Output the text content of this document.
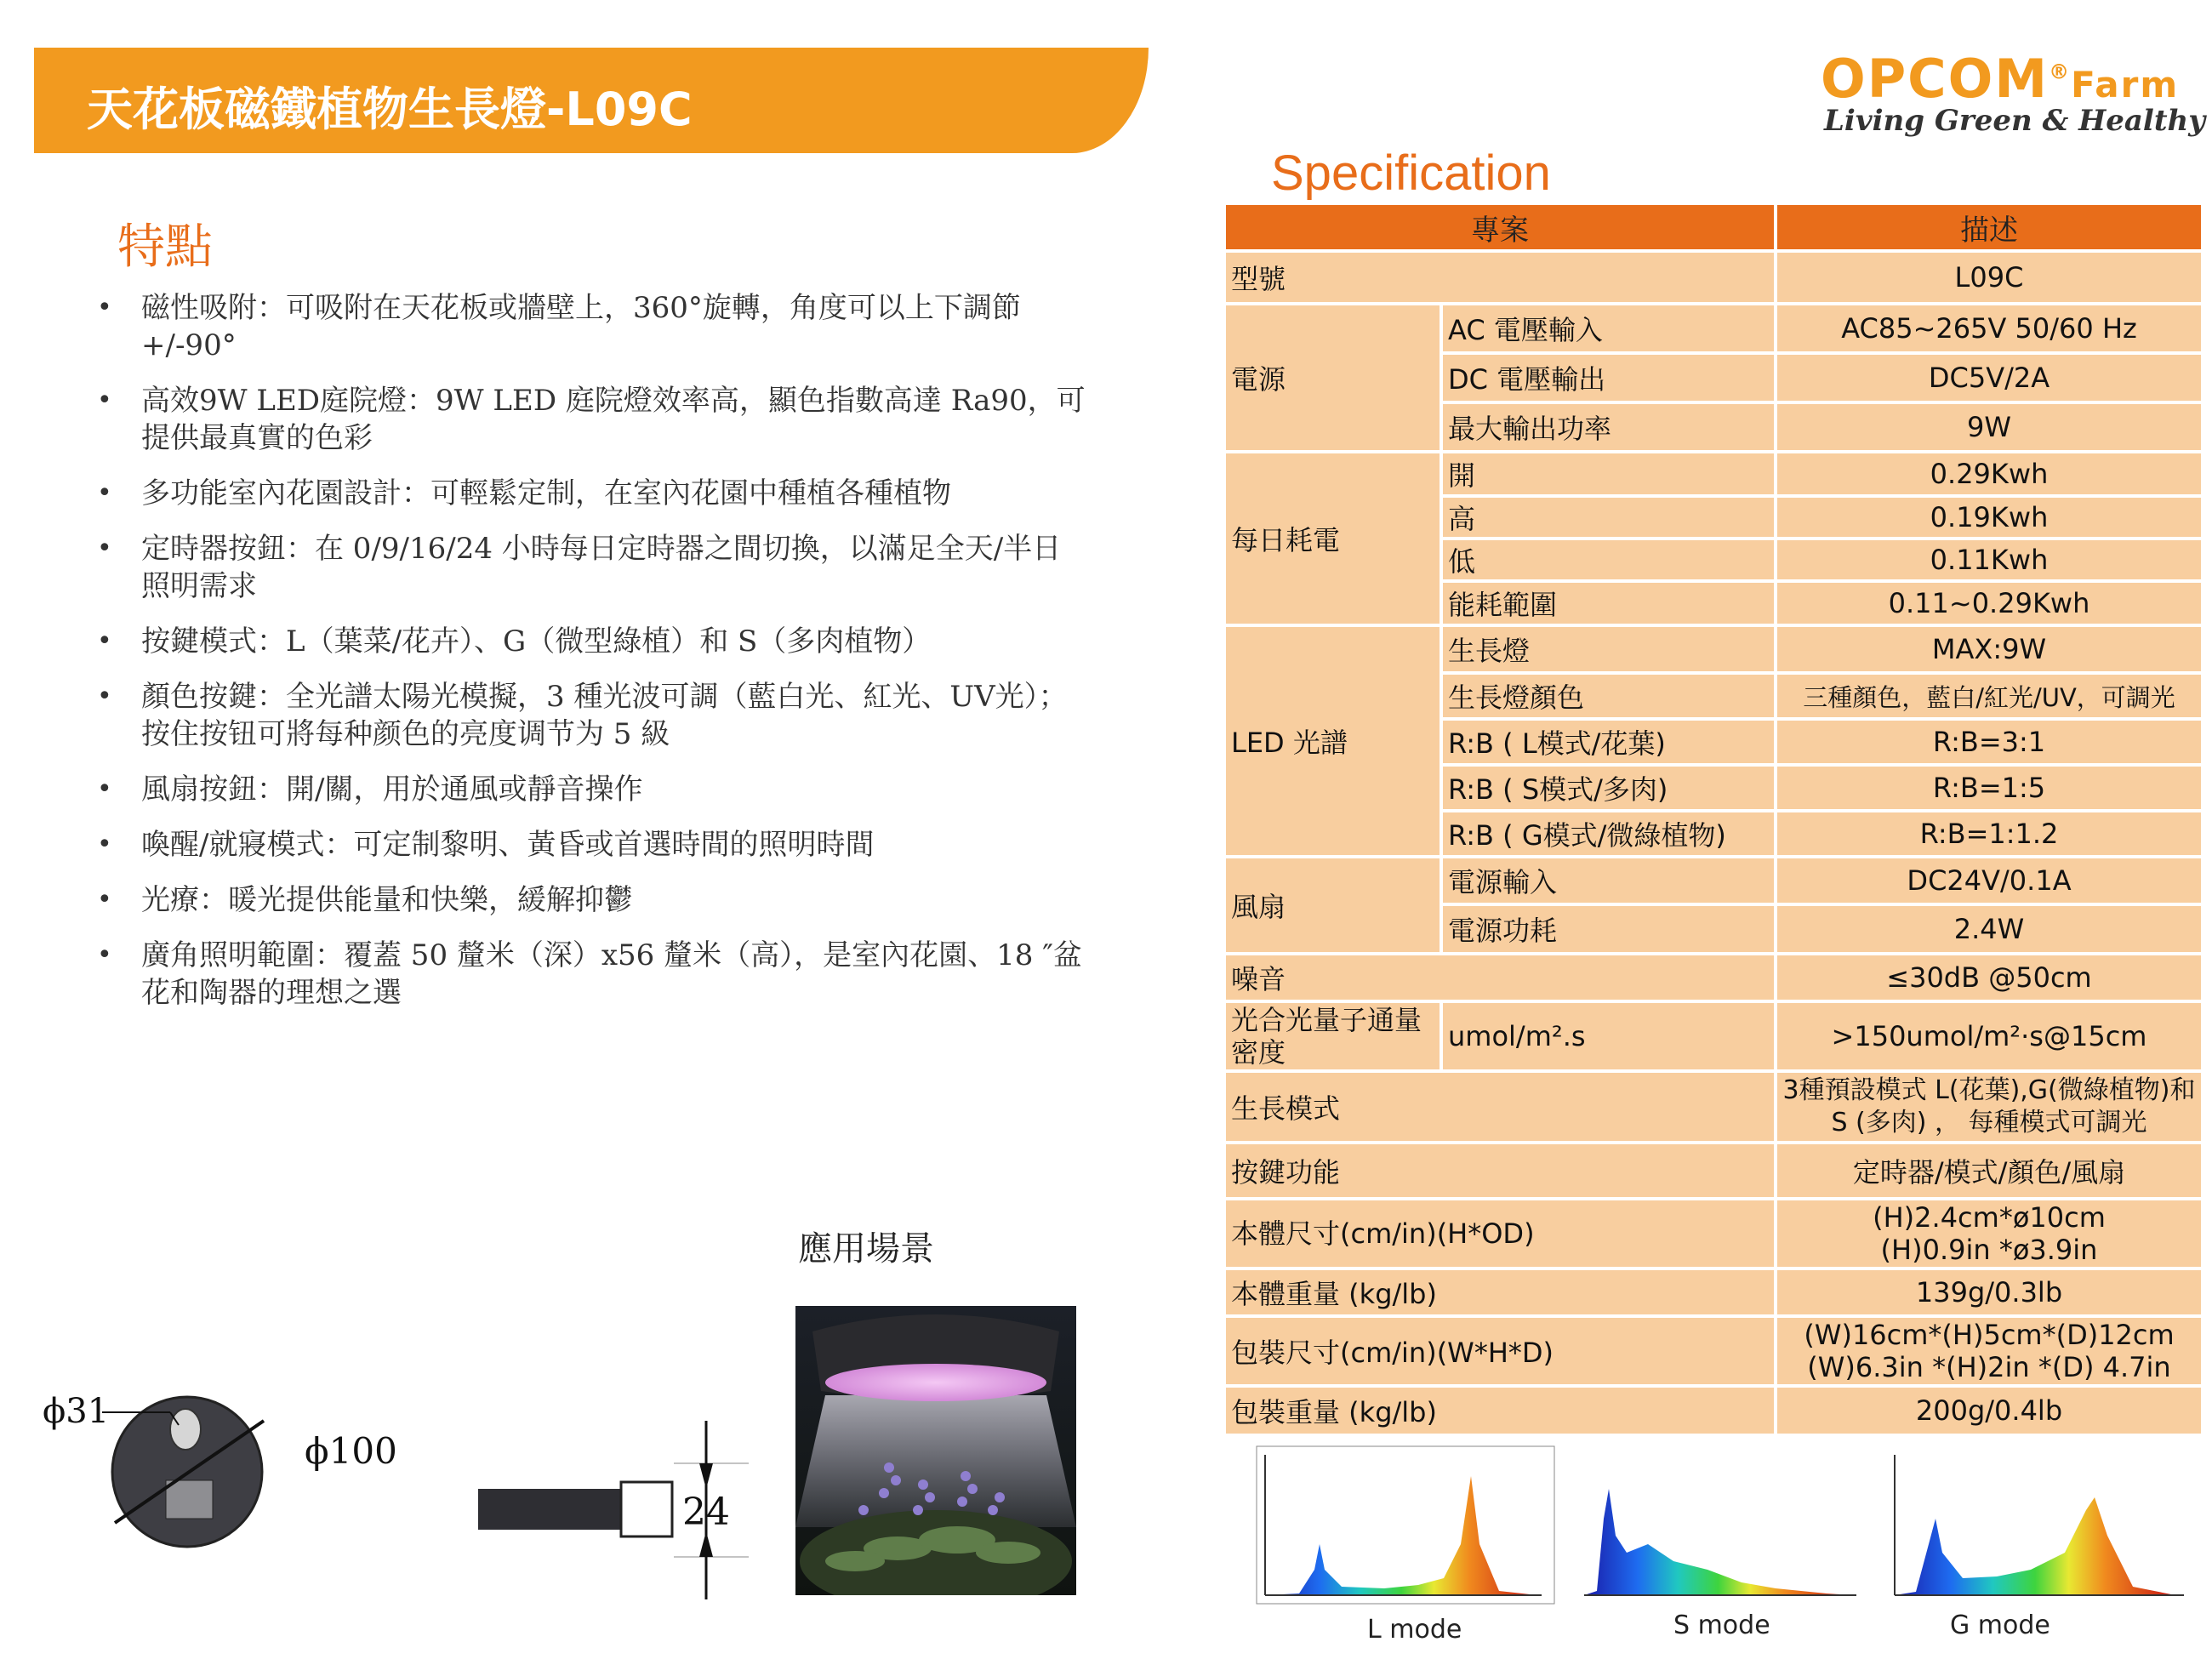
天花板磁鐵植物生長燈-L09C	OPCOM®Farm
Living Green & Healthy
特點
• 磁性吸附：可吸附在天花板或牆壁上，360°旋轉，角度可以上下調節+/-90°
• 高效9W LED庭院燈：9W LED 庭院燈效率高，顯色指數高達 Ra90，可提供最真實的色彩
• 多功能室內花園設計：可輕鬆定制，在室內花園中種植各種植物
• 定時器按鈕：在 0/9/16/24 小時每日定時器之間切換，以滿足全天/半日照明需求
• 按鍵模式：L（葉菜/花卉）、G（微型綠植）和 S（多肉植物）
• 顏色按鍵：全光譜太陽光模擬，3 種光波可調（藍白光、紅光、UV光）；按住按钮可將每种颜色的亮度调节为 5 級
• 風扇按鈕：開/關，用於通風或靜音操作
• 喚醒/就寢模式：可定制黎明、黃昏或首選時間的照明時間
• 光療：暖光提供能量和快樂，緩解抑鬱
• 廣角照明範圍：覆蓋 50 釐米（深）x56 釐米（高），是室內花園、18 ″盆花和陶器的理想之選
應用場景
ϕ31
ϕ100
24
Specification
專案		描述
型號		L09C
電源	AC 電壓輸入	AC85~265V 50/60 Hz
	DC 電壓輸出	DC5V/2A
	最大輸出功率	9W
每日耗電	開	0.29Kwh
	高	0.19Kwh
	低	0.11Kwh
	能耗範圍	0.11~0.29Kwh
LED 光譜	生長燈	MAX:9W
	生長燈顏色	三種顏色，藍白/紅光/UV，可調光
	R:B ( L模式/花葉)	R:B=3:1
	R:B ( S模式/多肉)	R:B=1:5
	R:B ( G模式/微綠植物)	R:B=1:1.2
風扇	電源輸入	DC24V/0.1A
	電源功耗	2.4W
噪音		≤30dB @50cm
光合光量子通量密度	umol/m².s	>150umol/m²·s@15cm
生長模式		3種預設模式 L(花葉),G(微綠植物)和 S (多肉) ， 每種模式可調光
按鍵功能		定時器/模式/顏色/風扇
本體尺寸(cm/in)(H*OD)		(H)2.4cm*ø10cm
(H)0.9in *ø3.9in

本體重量 (kg/lb)		139g/0.3lb
包裝尺寸(cm/in)(W*H*D)		(W)16cm*(H)5cm*(D)12cm
(W)6.3in *(H)2in *(D) 4.7in

包裝重量 (kg/lb)		200g/0.4lb
L mode	S mode	G mode
